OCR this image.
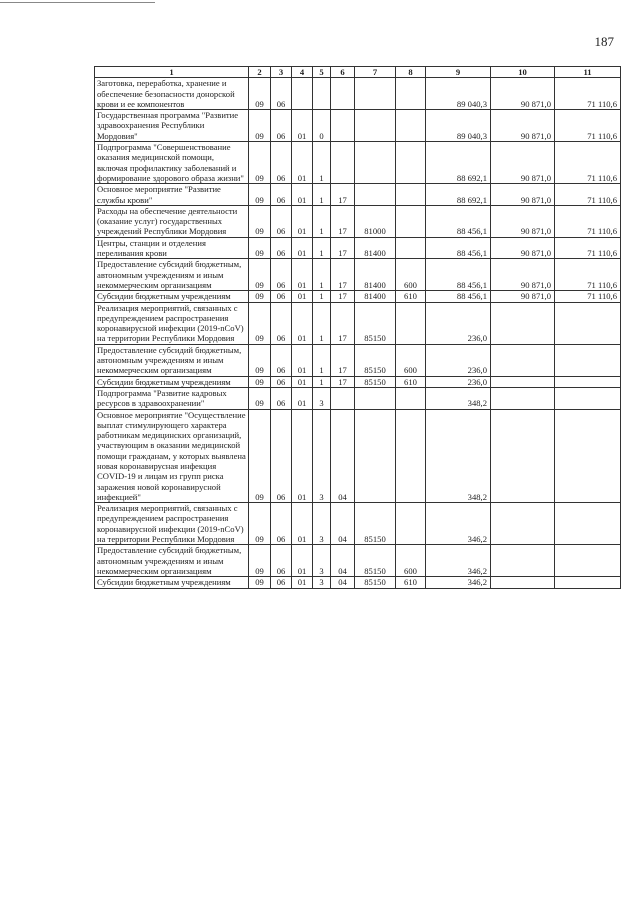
187
1	2	3	4	5	6	7	8	9	10	11
Заготовка, переработка, хранение и обеспечение безопасности донорской крови и ее компонентов	09	06						89 040,3	90 871,0	71 110,6
Государственная программа "Развитие здравоохранения Республики Мордовия"	09	06	01	0				89 040,3	90 871,0	71 110,6
Подпрограмма "Совершенствование оказания медицинской помощи, включая профилактику заболеваний и формирование здорового образа жизни"	09	06	01	1				88 692,1	90 871,0	71 110,6
Основное мероприятие "Развитие службы крови"	09	06	01	1	17			88 692,1	90 871,0	71 110,6
Расходы на обеспечение деятельности (оказание услуг) государственных учреждений Республики Мордовия	09	06	01	1	17	81000		88 456,1	90 871,0	71 110,6
Центры, станции и отделения переливания крови	09	06	01	1	17	81400		88 456,1	90 871,0	71 110,6
Предоставление субсидий бюджетным, автономным учреждениям и иным некоммерческим организациям	09	06	01	1	17	81400	600	88 456,1	90 871,0	71 110,6
Субсидии бюджетным учреждениям	09	06	01	1	17	81400	610	88 456,1	90 871,0	71 110,6
Реализация мероприятий, связанных с предупреждением распространения коронавирусной инфекции (2019-nCoV) на территории Республики Мордовия	09	06	01	1	17	85150		236,0		
Предоставление субсидий бюджетным, автономным учреждениям и иным некоммерческим организациям	09	06	01	1	17	85150	600	236,0		
Субсидии бюджетным учреждениям	09	06	01	1	17	85150	610	236,0		
Подпрограмма "Развитие кадровых ресурсов в здравоохранении"	09	06	01	3				348,2		
Основное мероприятие "Осуществление выплат стимулирующего характера работникам медицинских организаций, участвующим в оказании медицинской помощи гражданам, у которых выявлена новая коронавирусная инфекция COVID-19 и лицам из групп риска заражения новой коронавирусной инфекцией"	09	06	01	3	04			348,2		
Реализация мероприятий, связанных с предупреждением распространения коронавирусной инфекции (2019-nCoV) на территории Республики Мордовия	09	06	01	3	04	85150		346,2		
Предоставление субсидий бюджетным, автономным учреждениям и иным некоммерческим организациям	09	06	01	3	04	85150	600	346,2		
Субсидии бюджетным учреждениям	09	06	01	3	04	85150	610	346,2		
